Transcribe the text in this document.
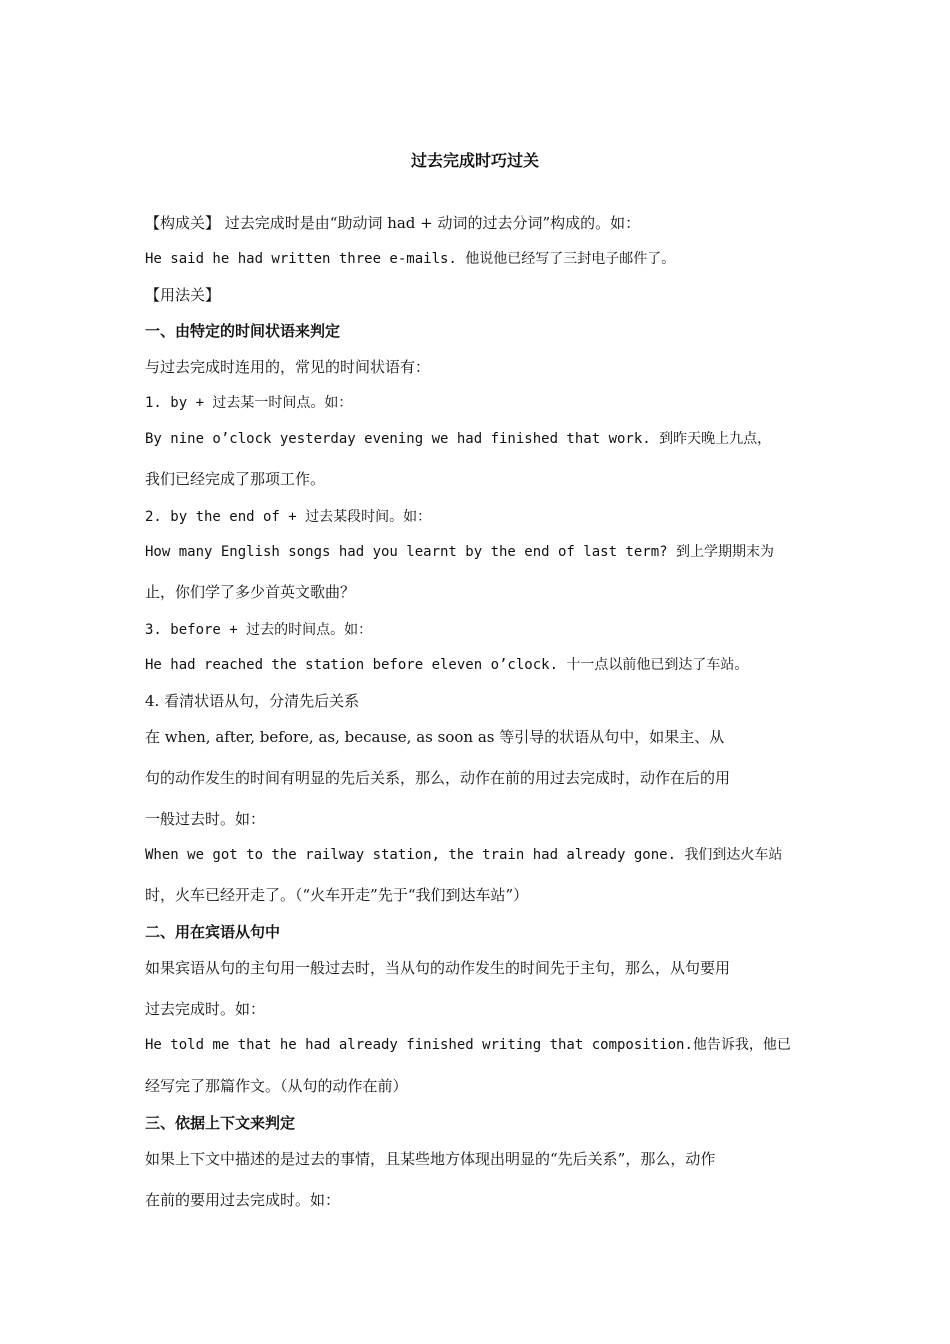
过去完成时巧过关
【构成关】 过去完成时是由“助动词 had + 动词的过去分词”构成的。如：
He said he had written three e-mails. 他说他已经写了三封电子邮件了。
【用法关】
一、由特定的时间状语来判定
与过去完成时连用的，常见的时间状语有：
1. by + 过去某一时间点。如：
By nine o’clock yesterday evening we had finished that work. 到昨天晚上九点，
我们已经完成了那项工作。
2. by the end of + 过去某段时间。如：
How many English songs had you learnt by the end of last term? 到上学期期末为
止，你们学了多少首英文歌曲？
3. before + 过去的时间点。如：
He had reached the station before eleven o’clock. 十一点以前他已到达了车站。
4. 看清状语从句，分清先后关系
在 when, after, before, as, because, as soon as 等引导的状语从句中，如果主、从
句的动作发生的时间有明显的先后关系，那么，动作在前的用过去完成时，动作在后的用
一般过去时。如：
When we got to the railway station, the train had already gone. 我们到达火车站
时，火车已经开走了。（“火车开走”先于“我们到达车站”）
二、用在宾语从句中
如果宾语从句的主句用一般过去时，当从句的动作发生的时间先于主句，那么，从句要用
过去完成时。如：
He told me that he had already finished writing that composition.他告诉我，他已
经写完了那篇作文。（从句的动作在前）
三、依据上下文来判定
如果上下文中描述的是过去的事情，且某些地方体现出明显的“先后关系”，那么，动作
在前的要用过去完成时。如：
